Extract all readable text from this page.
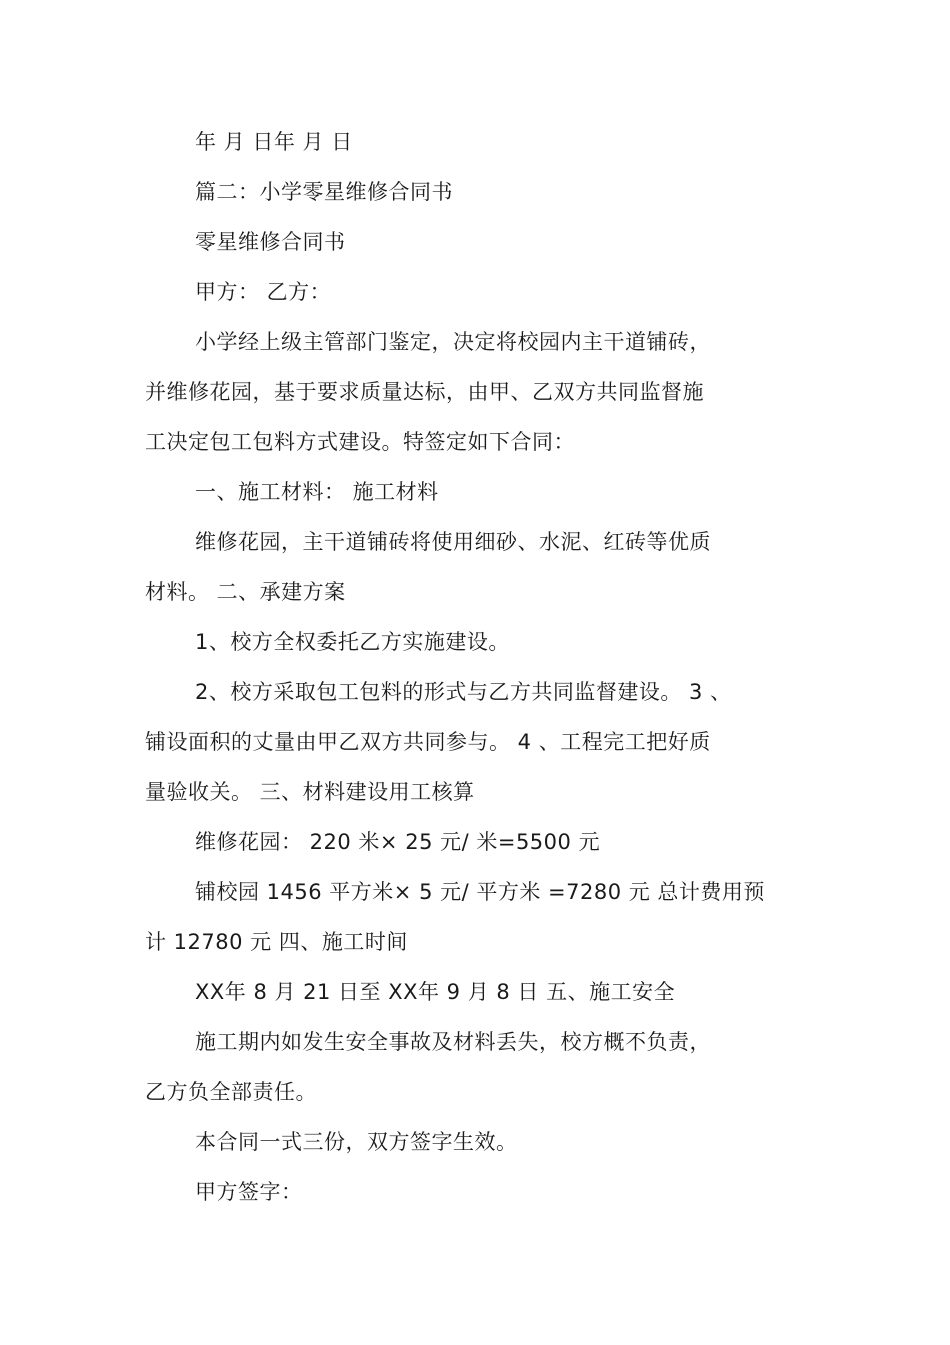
年 月 日年 月 日
篇二：小学零星维修合同书
零星维修合同书
甲方： 乙方：
小学经上级主管部门鉴定，决定将校园内主干道铺砖，
并维修花园，基于要求质量达标，由甲、乙双方共同监督施
工决定包工包料方式建设。特签定如下合同：
一、施工材料： 施工材料
维修花园，主干道铺砖将使用细砂、水泥、红砖等优质
材料。 二、承建方案
1、校方全权委托乙方实施建设。
2、校方采取包工包料的形式与乙方共同监督建设。 3 、
铺设面积的丈量由甲乙双方共同参与。 4 、工程完工把好质
量验收关。 三、材料建设用工核算
维修花园： 220 米× 25 元/ 米=5500 元
铺校园 1456 平方米× 5 元/ 平方米 =7280 元 总计费用预
计 12780 元 四、施工时间
XX年 8 月 21 日至 XX年 9 月 8 日 五、施工安全
施工期内如发生安全事故及材料丢失，校方概不负责，
乙方负全部责任。
本合同一式三份，双方签字生效。
甲方签字：
